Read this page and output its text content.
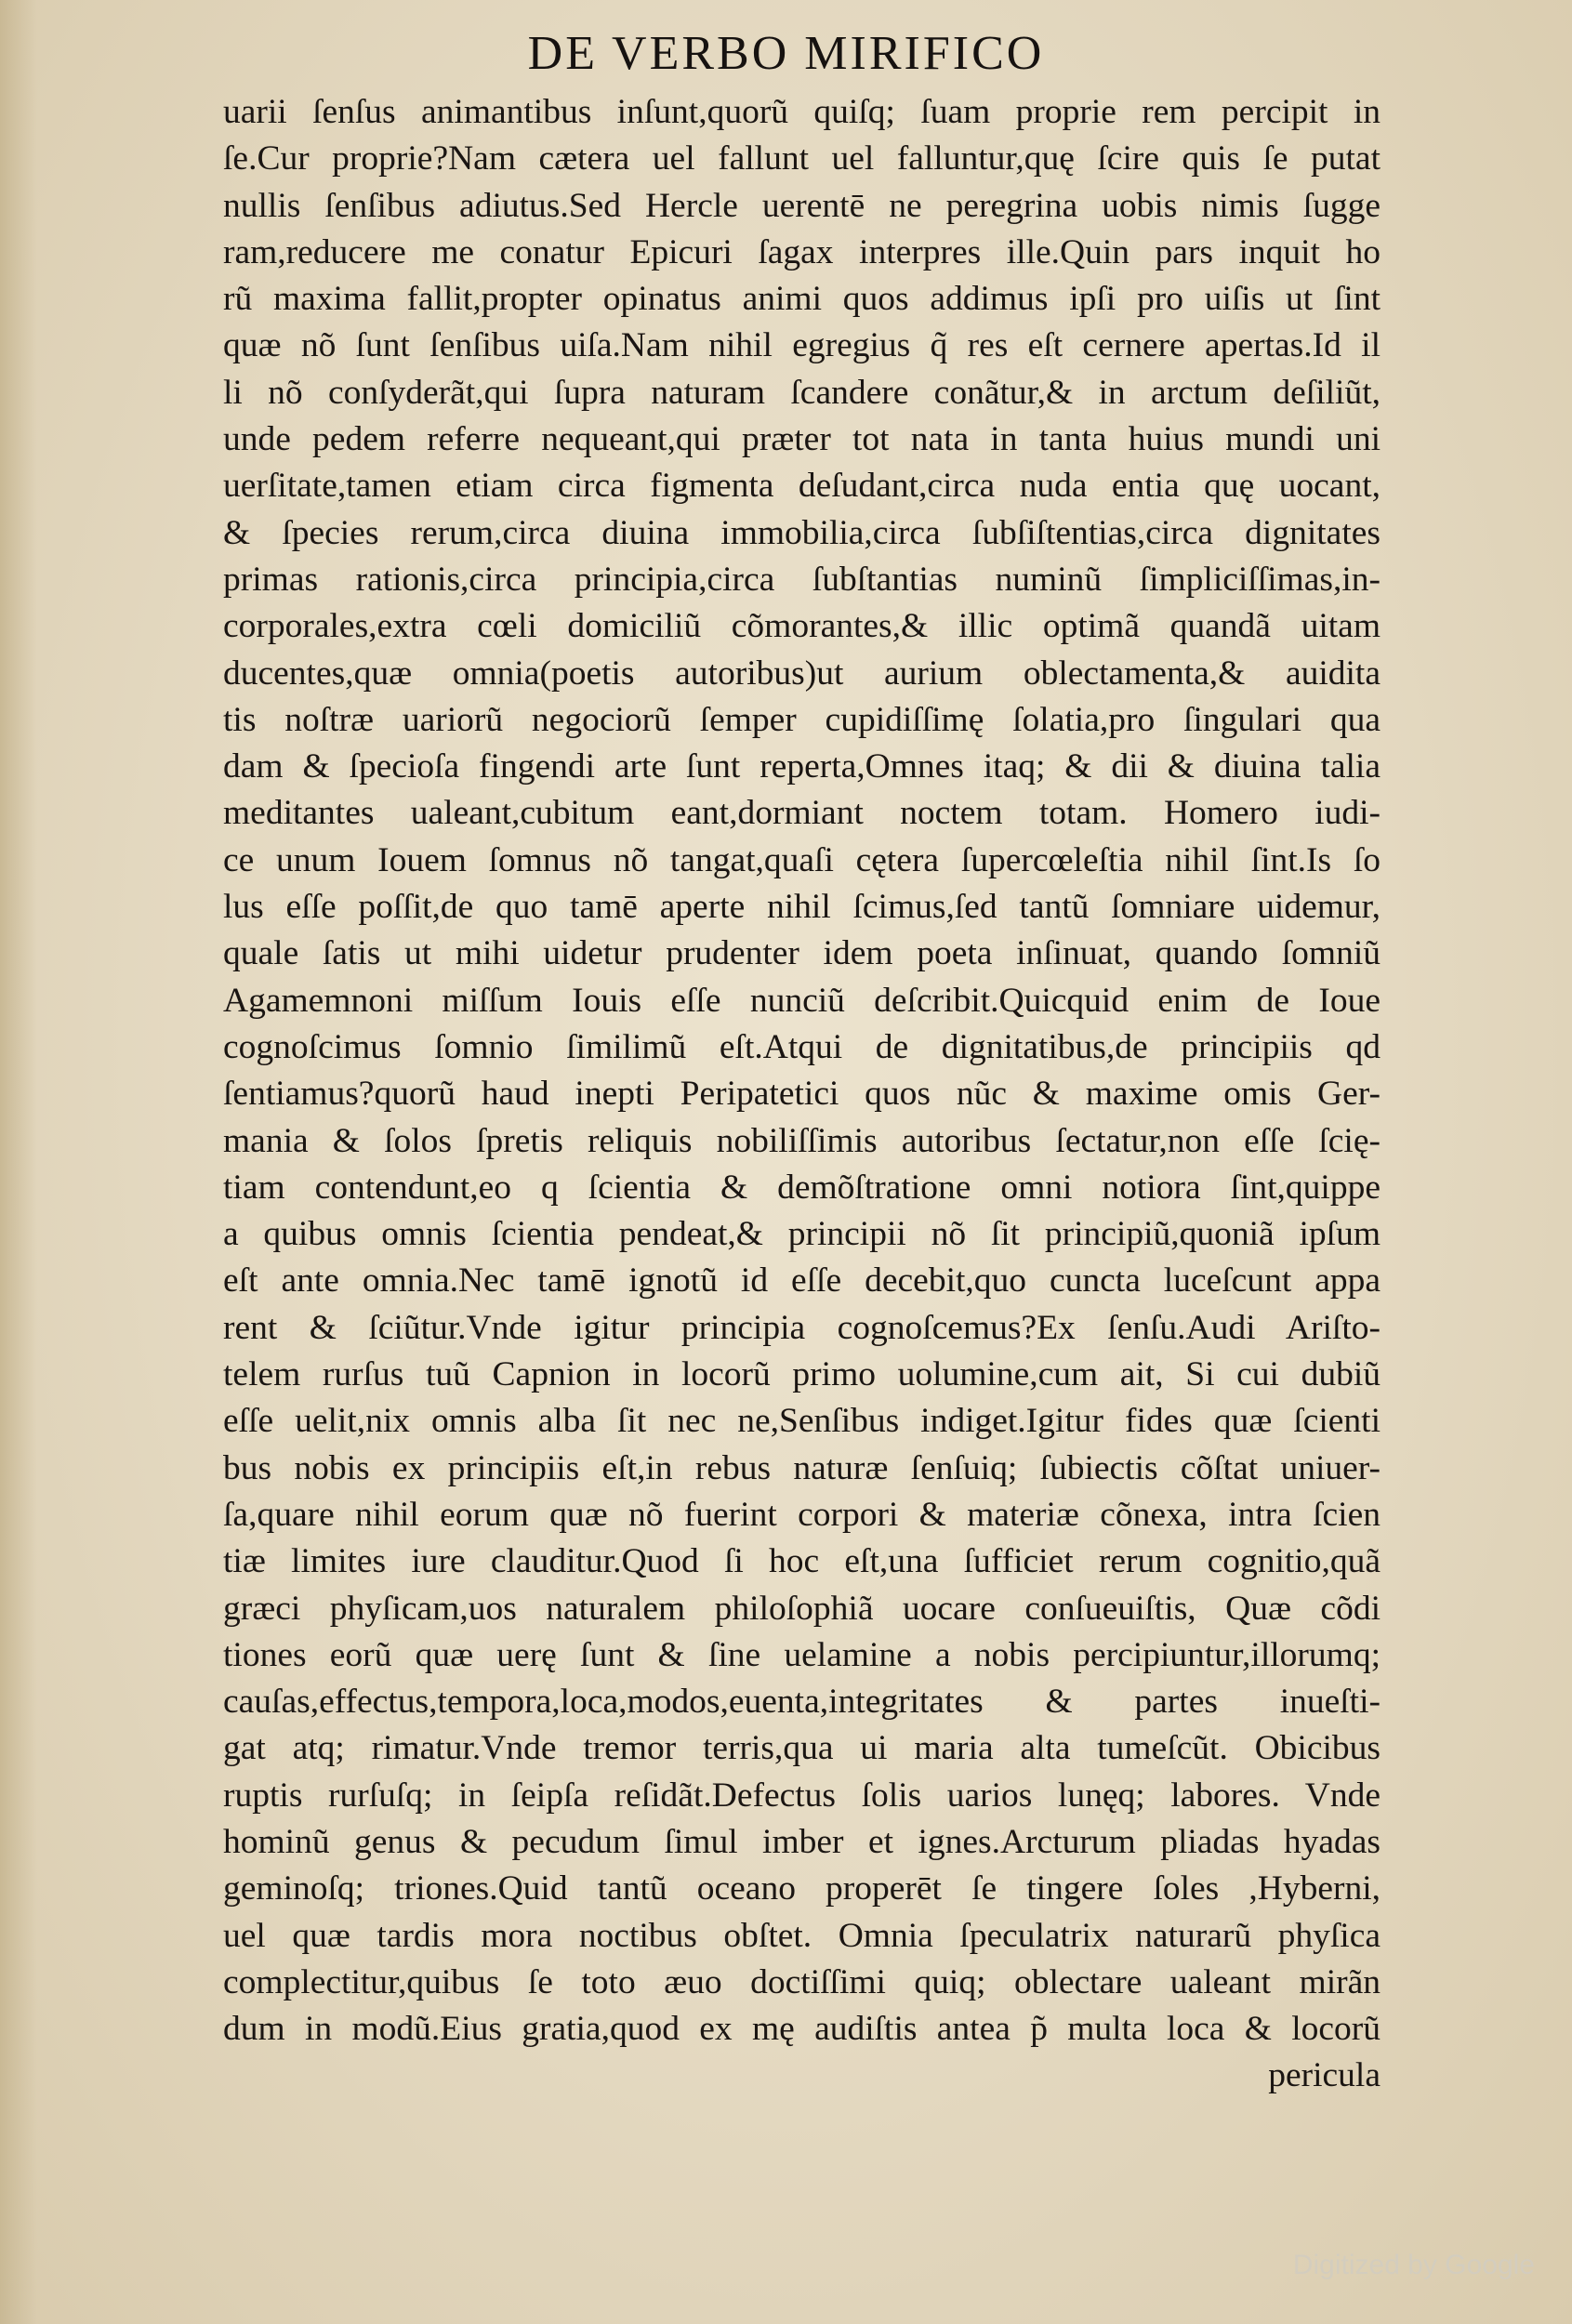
DE VERBO MIRIFICO
uarii ſenſus animantibus inſunt,quorũ quiſq; ſuam proprie rem percipit in
ſe.Cur proprie?Nam cætera uel fallunt uel falluntur,quę ſcire quis ſe putat
nullis ſenſibus adiutus.Sed Hercle uerentē ne peregrina uobis nimis ſugge
ram,reducere me conatur Epicuri ſagax interpres ille.Quin pars inquit ho
rũ maxima fallit,propter opinatus animi quos addimus ipſi pro uiſis ut ſint
quæ nõ ſunt ſenſibus uiſa.Nam nihil egregius q̃ res eſt cernere apertas.Id il
li nõ conſyderãt,qui ſupra naturam ſcandere conãtur,& in arctum deſiliũt,
unde pedem referre nequeant,qui præter tot nata in tanta huius mundi uni
uerſitate,tamen etiam circa figmenta deſudant,circa nuda entia quę uocant,
& ſpecies rerum,circa diuina immobilia,circa ſubſiſtentias,circa dignitates
primas rationis,circa principia,circa ſubſtantias numinũ ſimpliciſſimas,in-
corporales,extra cœli domiciliũ cõmorantes,& illic optimã quandã uitam
ducentes,quæ omnia(poetis autoribus)ut aurium oblectamenta,& auidita
tis noſtræ uariorũ negociorũ ſemper cupidiſſimę ſolatia,pro ſingulari qua
dam & ſpecioſa fingendi arte ſunt reperta,Omnes itaq; & dii & diuina talia
meditantes ualeant,cubitum eant,dormiant noctem totam. Homero iudi-
ce unum Iouem ſomnus nõ tangat,quaſi cętera ſupercœleſtia nihil ſint.Is ſo
lus eſſe poſſit,de quo tamē aperte nihil ſcimus,ſed tantũ ſomniare uidemur,
quale ſatis ut mihi uidetur prudenter idem poeta inſinuat, quando ſomniũ
Agamemnoni miſſum Iouis eſſe nunciũ deſcribit.Quicquid enim de Ioue
cognoſcimus ſomnio ſimilimũ eſt.Atqui de dignitatibus,de principiis qd
ſentiamus?quorũ haud inepti Peripatetici quos nũc & maxime omis Ger-
mania & ſolos ſpretis reliquis nobiliſſimis autoribus ſectatur,non eſſe ſcię-
tiam contendunt,eo q ſcientia & demõſtratione omni notiora ſint,quippe
a quibus omnis ſcientia pendeat,& principii nõ ſit principiũ,quoniã ipſum
eſt ante omnia.Nec tamē ignotũ id eſſe decebit,quo cuncta luceſcunt appa
rent & ſciũtur.Vnde igitur principia cognoſcemus?Ex ſenſu.Audi Ariſto-
telem rurſus tuũ Capnion in locorũ primo uolumine,cum ait, Si cui dubiũ
eſſe uelit,nix omnis alba ſit nec ne,Senſibus indiget.Igitur fides quæ ſcienti
bus nobis ex principiis eſt,in rebus naturæ ſenſuiq; ſubiectis cõſtat uniuer-
ſa,quare nihil eorum quæ nõ fuerint corpori & materiæ cõnexa, intra ſcien
tiæ limites iure clauditur.Quod ſi hoc eſt,una ſufficiet rerum cognitio,quã
græci phyſicam,uos naturalem philoſophiã uocare conſueuiſtis, Quæ cõdi
tiones eorũ quæ uerę ſunt & ſine uelamine a nobis percipiuntur,illorumq;
cauſas,effectus,tempora,loca,modos,euenta,integritates & partes inueſti-
gat atq; rimatur.Vnde tremor terris,qua ui maria alta tumeſcũt. Obicibus
ruptis rurſuſq; in ſeipſa reſidãt.Defectus ſolis uarios lunęq; labores. Vnde
hominũ genus & pecudum ſimul imber et ignes.Arcturum pliadas hyadas
geminoſq; triones.Quid tantũ oceano properēt ſe tingere ſoles ,Hyberni,
uel quæ tardis mora noctibus obſtet. Omnia ſpeculatrix naturarũ phyſica
complectitur,quibus ſe toto æuo doctiſſimi quiq; oblectare ualeant mirãn
dum in modũ.Eius gratia,quod ex mę audiſtis antea p̃ multa loca & locorũ
pericula
Digitized by Google
